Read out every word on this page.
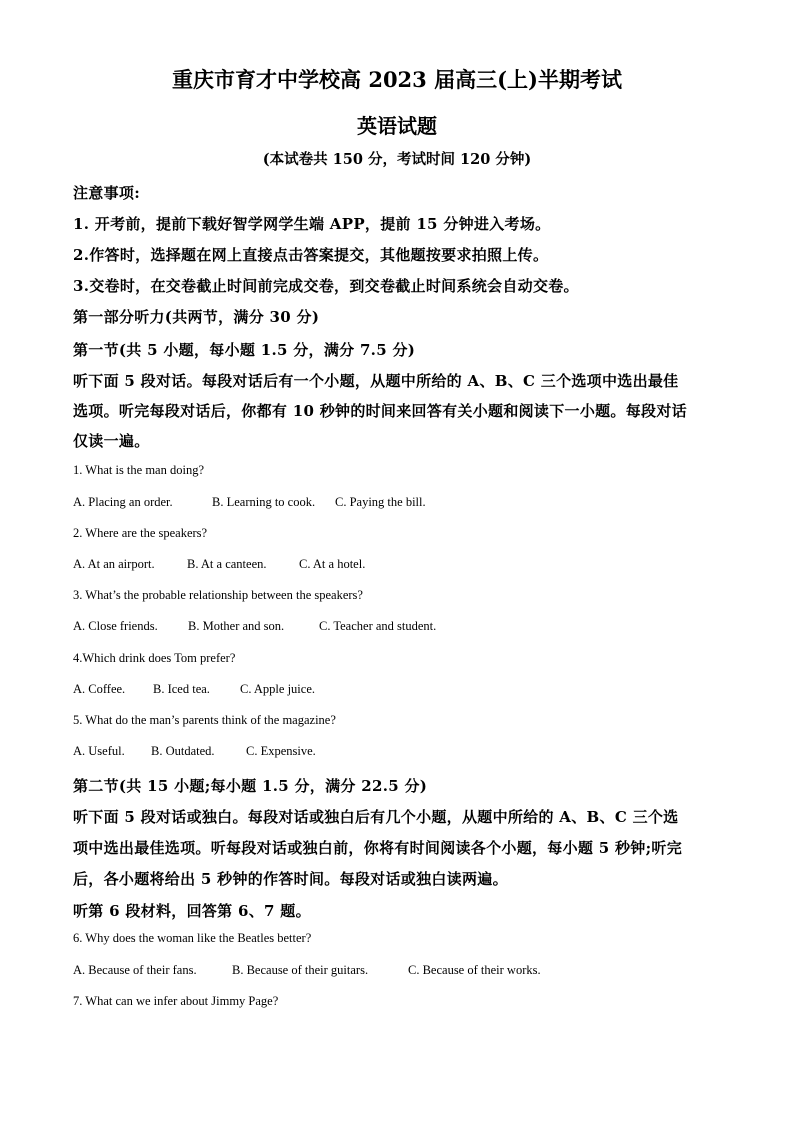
重庆市育才中学校高 2023 届高三(上)半期考试
英语试题
(本试卷共 150 分，考试时间 120 分钟)
注意事项:
1. 开考前，提前下载好智学网学生端 APP，提前 15 分钟进入考场。
2.作答时，选择题在网上直接点击答案提交，其他题按要求拍照上传。
3.交卷时，在交卷截止时间前完成交卷，到交卷截止时间系统会自动交卷。
第一部分听力(共两节，满分 30 分)
第一节(共 5 小题，每小题 1.5 分，满分 7.5 分)
听下面 5 段对话。每段对话后有一个小题，从题中所给的 A、B、C 三个选项中选出最佳
选项。听完每段对话后，你都有 10 秒钟的时间来回答有关小题和阅读下一小题。每段对话
仅读一遍。
1. What is the man doing?
A. Placing an order.	B. Learning to cook. C. Paying the bill.
2. Where are the speakers?
A. At an airport.	B. At a canteen.	C. At a hotel.
3. What’s the probable relationship between the speakers?
A. Close friends. B. Mother and son.	C. Teacher and student.
4.Which drink does Tom prefer?
A. Coffee. B. Iced tea. C. Apple juice.
5. What do the man’s parents think of the magazine?
A. Useful. B. Outdated.	C. Expensive.
第二节(共 15 小题;每小题 1.5 分，满分 22.5 分)
听下面 5 段对话或独白。每段对话或独白后有几个小题，从题中所给的 A、B、C 三个选
项中选出最佳选项。听每段对话或独白前，你将有时间阅读各个小题，每小题 5 秒钟;听完
后，各小题将给出 5 秒钟的作答时间。每段对话或独白读两遍。
听第 6 段材料，回答第 6、7 题。
6. Why does the woman like the Beatles better?
A. Because of their fans.	B. Because of their guitars.	C. Because of their works.
7. What can we infer about Jimmy Page?
